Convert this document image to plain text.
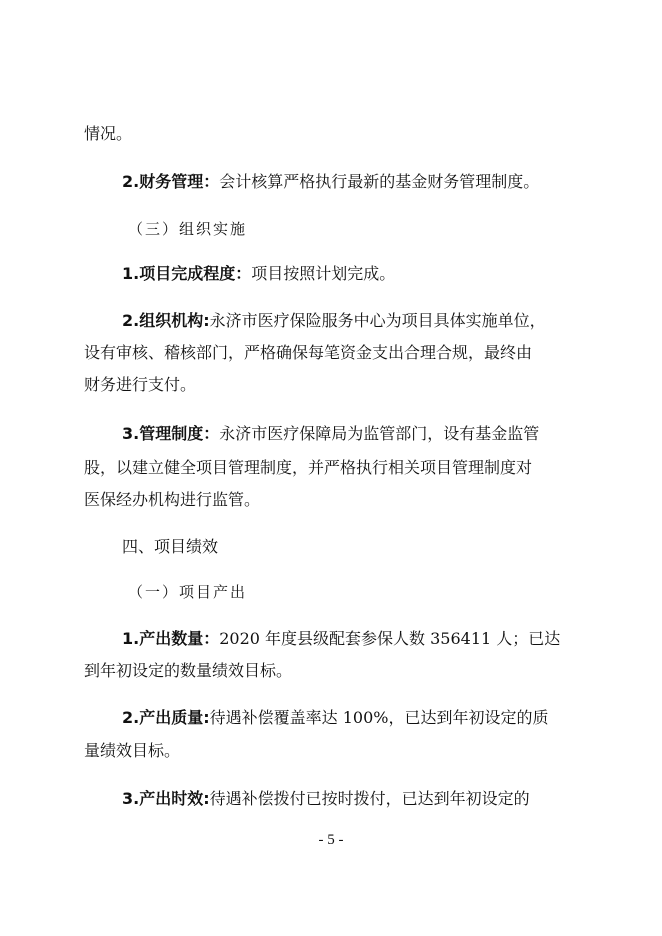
情况。
2.财务管理：会计核算严格执行最新的基金财务管理制度。
（三）组织实施
1.项目完成程度：项目按照计划完成。
2.组织机构:永济市医疗保险服务中心为项目具体实施单位，
设有审核、稽核部门，严格确保每笔资金支出合理合规，最终由
财务进行支付。
3.管理制度：永济市医疗保障局为监管部门，设有基金监管
股，以建立健全项目管理制度，并严格执行相关项目管理制度对
医保经办机构进行监管。
四、项目绩效
（一）项目产出
1.产出数量：2020 年度县级配套参保人数 356411 人；已达
到年初设定的数量绩效目标。
2.产出质量:待遇补偿覆盖率达 100%，已达到年初设定的质
量绩效目标。
3.产出时效:待遇补偿拨付已按时拨付，已达到年初设定的
- 5 -
